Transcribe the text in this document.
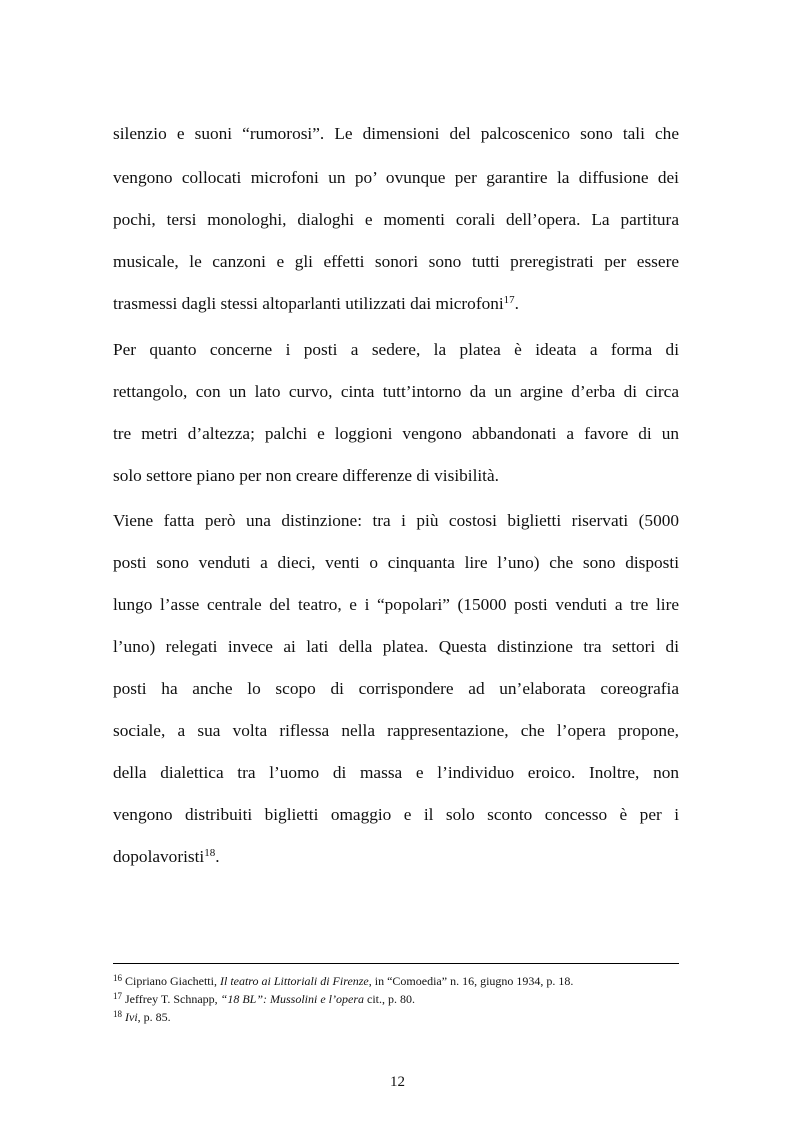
silenzio e suoni “rumorosi”. Le dimensioni del palcoscenico sono tali che
vengono collocati microfoni un po’ ovunque per garantire la diffusione dei
pochi, tersi monologhi, dialoghi e momenti corali dell’opera. La partitura
musicale, le canzoni e gli effetti sonori sono tutti preregistrati per essere
trasmessi dagli stessi altoparlanti utilizzati dai microfoni$^{17}$.
Per quanto concerne i posti a sedere, la platea è ideata a forma di
rettangolo, con un lato curvo, cinta tutt’intorno da un argine d’erba di circa
tre metri d’altezza; palchi e loggioni vengono abbandonati a favore di un
solo settore piano per non creare differenze di visibilità.
Viene fatta però una distinzione: tra i più costosi biglietti riservati (5000
posti sono venduti a dieci, venti o cinquanta lire l’uno) che sono disposti
lungo l’asse centrale del teatro, e i “popolari” (15000 posti venduti a tre lire
l’uno) relegati invece ai lati della platea. Questa distinzione tra settori di
posti ha anche lo scopo di corrispondere ad un’elaborata coreografia
sociale, a sua volta riflessa nella rappresentazione, che l’opera propone,
della dialettica tra l’uomo di massa e l’individuo eroico. Inoltre, non
vengono distribuiti biglietti omaggio e il solo sconto concesso è per i
dopolavoristi$^{18}$.
$^{16}$ Cipriano Giachetti, Il teatro ai Littoriali di Firenze, in “Comoedia” n. 16, giugno 1934, p. 18.
$^{17}$ Jeffrey T. Schnapp, “18 BL”: Mussolini e l’opera cit., p. 80.
$^{18}$ Ivi, p. 85.
12
